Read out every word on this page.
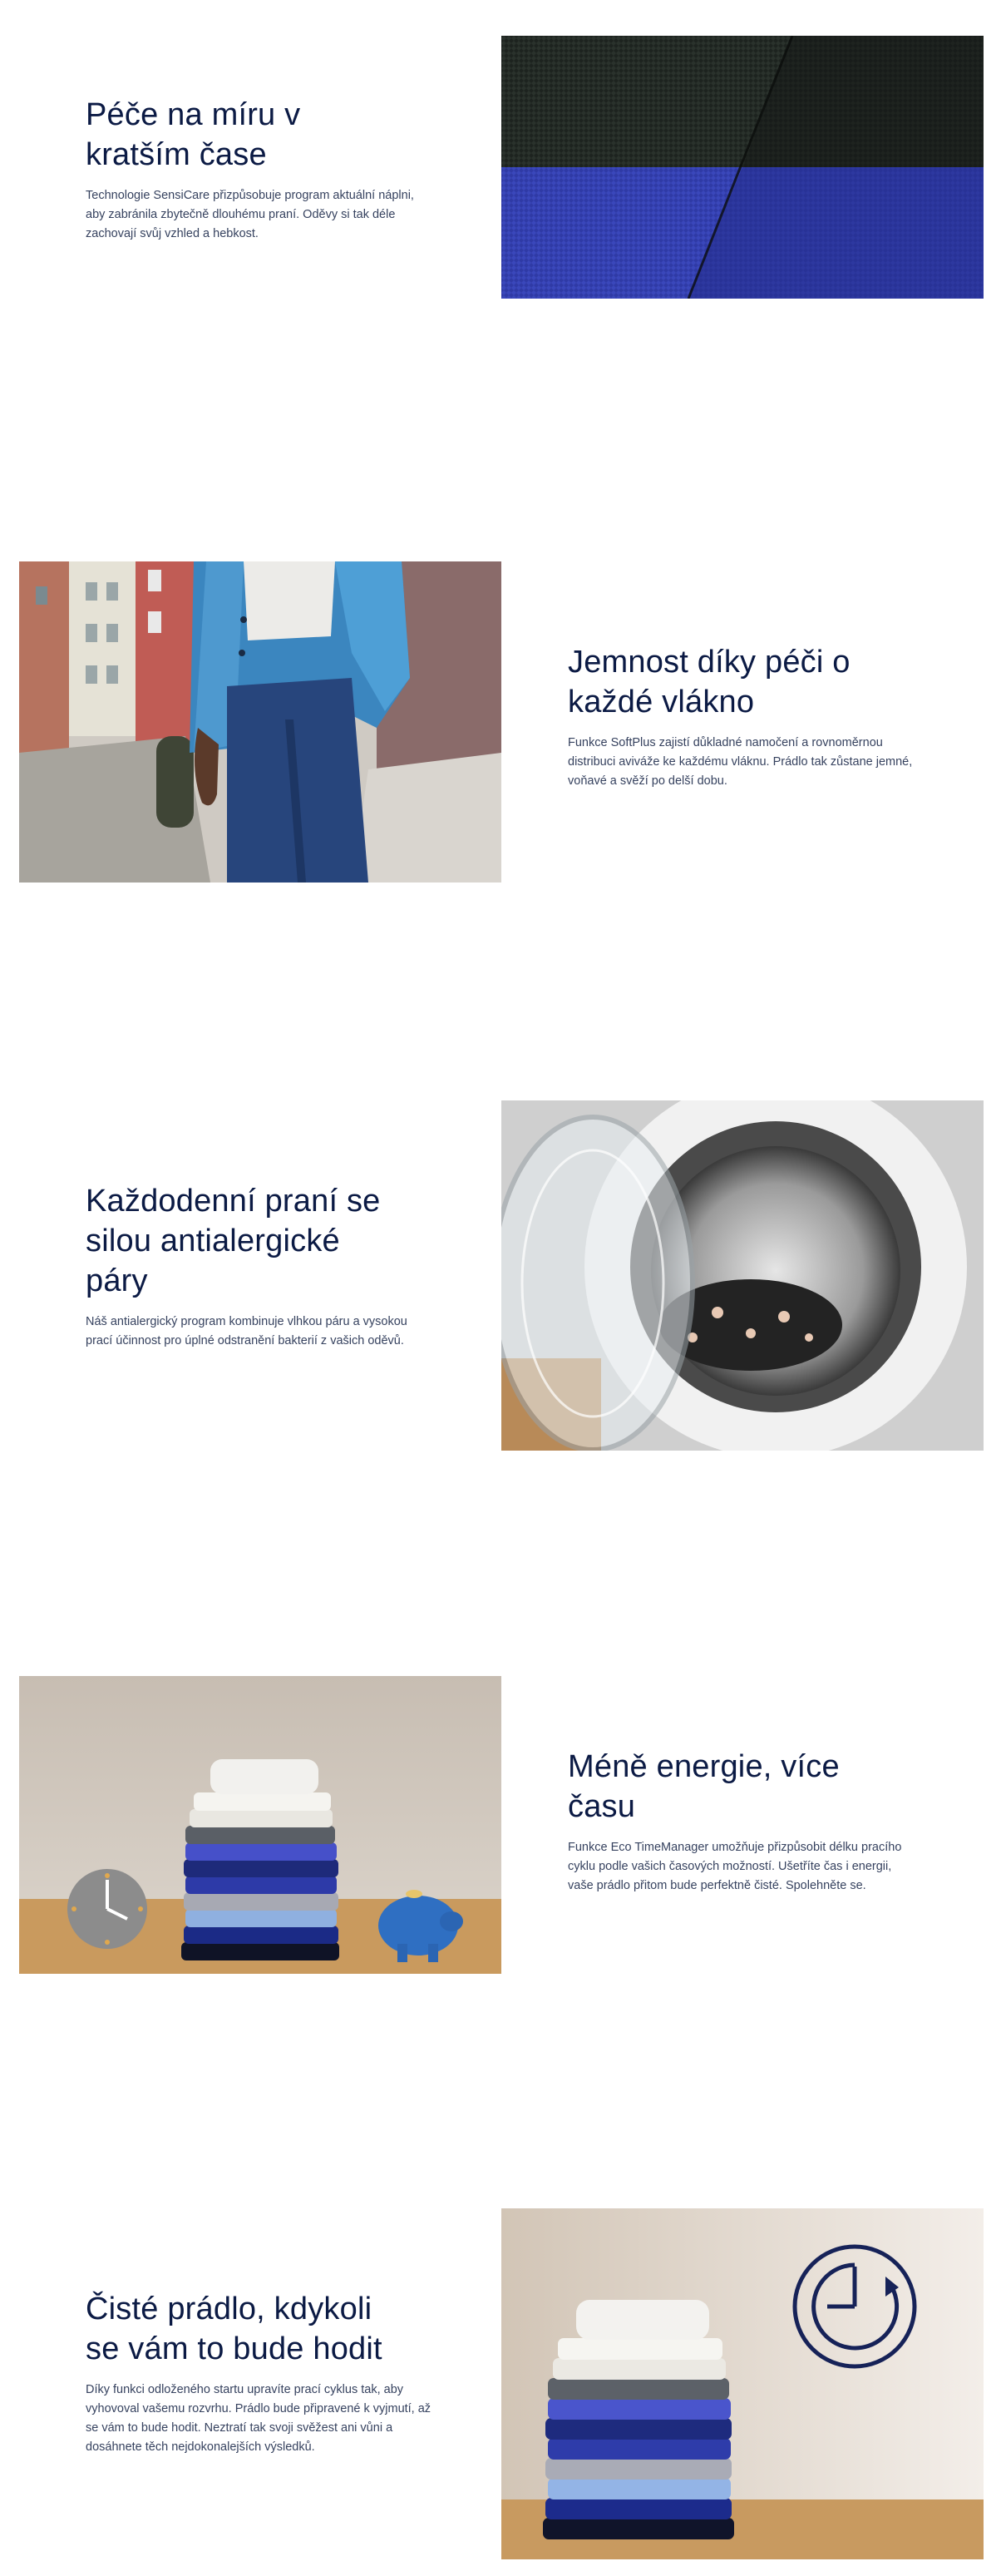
Péče na míru v
kratším čase

Technologie SensiCare přizpůsobuje program aktuální náplni, aby zabránila zbytečně dlouhému praní. Oděvy si tak déle zachovají svůj vzhled a hebkost.

Jemnost díky péči o
každé vlákno

Funkce SoftPlus zajistí důkladné namočení a rovnoměrnou distribuci aviváže ke každému vláknu. Prádlo tak zůstane jemné, voňavé a svěží po delší dobu.

Každodenní praní se
silou antialergické
páry

Náš antialergický program kombinuje vlhkou páru a vysokou prací účinnost pro úplné odstranění bakterií z vašich oděvů.

Méně energie, více
času

Funkce Eco TimeManager umožňuje přizpůsobit délku pracího cyklu podle vašich časových možností. Ušetříte čas i energii, vaše prádlo přitom bude perfektně čisté. Spolehněte se.

Čisté prádlo, kdykoli
se vám to bude hodit

Díky funkci odloženého startu upravíte prací cyklus tak, aby vyhovoval vašemu rozvrhu. Prádlo bude připravené k vyjmutí, až se vám to bude hodit. Neztratí tak svoji svěžest ani vůni a dosáhnete těch nejdokonalejších výsledků.
